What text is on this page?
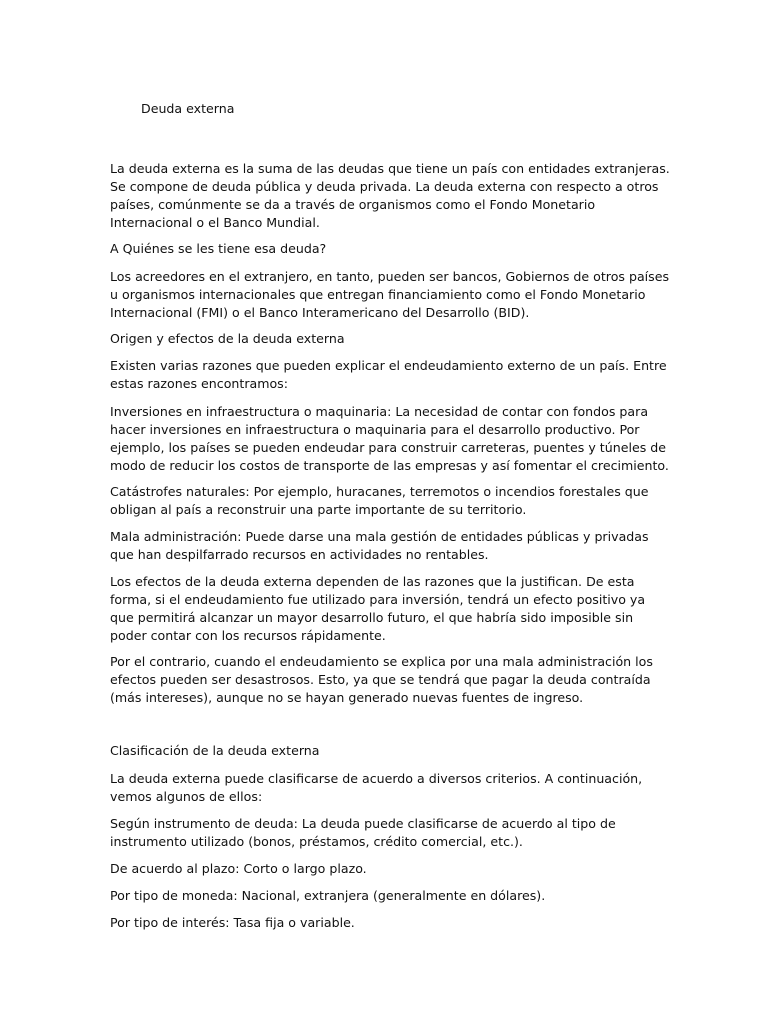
Deuda externa

La deuda externa es la suma de las deudas que tiene un país con entidades extranjeras. Se compone de deuda pública y deuda privada. La deuda externa con respecto a otros países, comúnmente se da a través de organismos como el Fondo Monetario Internacional o el Banco Mundial.

A Quiénes se les tiene esa deuda?

Los acreedores en el extranjero, en tanto, pueden ser bancos, Gobiernos de otros países u organismos internacionales que entregan financiamiento como el Fondo Monetario Internacional (FMI) o el Banco Interamericano del Desarrollo (BID).

Origen y efectos de la deuda externa

Existen varias razones que pueden explicar el endeudamiento externo de un país. Entre estas razones encontramos:

Inversiones en infraestructura o maquinaria: La necesidad de contar con fondos para hacer inversiones en infraestructura o maquinaria para el desarrollo productivo. Por ejemplo, los países se pueden endeudar para construir carreteras, puentes y túneles de modo de reducir los costos de transporte de las empresas y así fomentar el crecimiento.

Catástrofes naturales: Por ejemplo, huracanes, terremotos o incendios forestales que obligan al país a reconstruir una parte importante de su territorio.

Mala administración: Puede darse una mala gestión de entidades públicas y privadas que han despilfarrado recursos en actividades no rentables.

Los efectos de la deuda externa dependen de las razones que la justifican. De esta forma, si el endeudamiento fue utilizado para inversión, tendrá un efecto positivo ya que permitirá alcanzar un mayor desarrollo futuro, el que habría sido imposible sin poder contar con los recursos rápidamente.

Por el contrario, cuando el endeudamiento se explica por una mala administración los efectos pueden ser desastrosos. Esto, ya que se tendrá que pagar la deuda contraída (más intereses), aunque no se hayan generado nuevas fuentes de ingreso.

Clasificación de la deuda externa

La deuda externa puede clasificarse de acuerdo a diversos criterios. A continuación, vemos algunos de ellos:

Según instrumento de deuda: La deuda puede clasificarse de acuerdo al tipo de instrumento utilizado (bonos, préstamos, crédito comercial, etc.).

De acuerdo al plazo: Corto o largo plazo.

Por tipo de moneda: Nacional, extranjera (generalmente en dólares).

Por tipo de interés: Tasa fija o variable.
